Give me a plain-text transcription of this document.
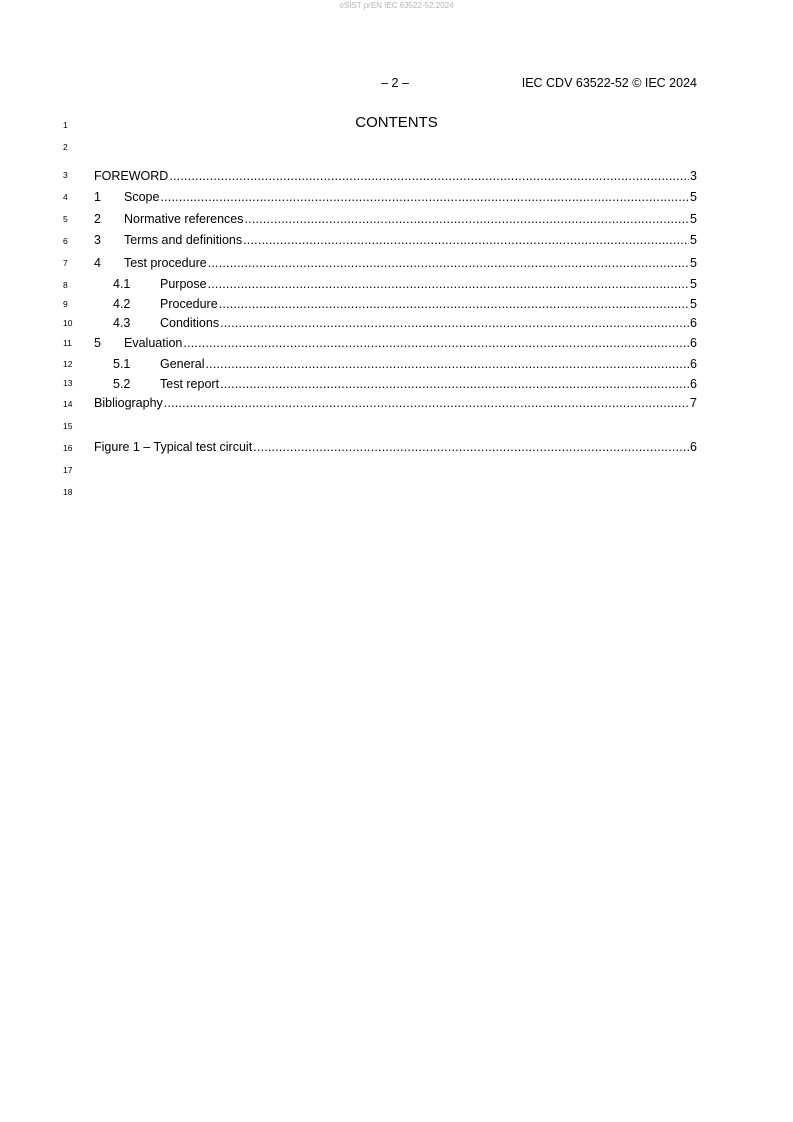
oSIST prEN IEC 63522-52:2024
– 2 –	IEC CDV 63522-52 © IEC 2024
CONTENTS
1
2
3
4
5
6
7
8
9
10
11
12
13
14
15
16
17
18
FOREWORD .....	3
1	Scope .....	5
2	Normative references .....	5
3	Terms and definitions .....	5
4	Test procedure .....	5
4.1	Purpose .....	5
4.2	Procedure .....	5
4.3	Conditions .....	6
5	Evaluation .....	6
5.1	General .....	6
5.2	Test report .....	6
Bibliography .....	7
Figure 1 – Typical test circuit .....	6
